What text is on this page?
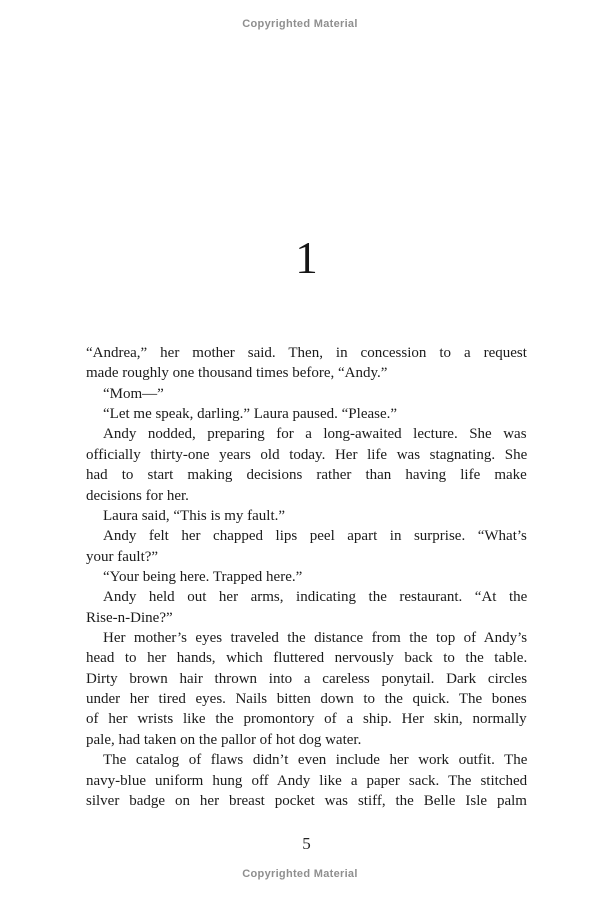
Copyrighted Material
1
“Andrea,” her mother said. Then, in concession to a request
made roughly one thousand times before, “Andy.”
“Mom—”
“Let me speak, darling.” Laura paused. “Please.”
Andy nodded, preparing for a long-awaited lecture. She was
officially thirty-one years old today. Her life was stagnating. She
had to start making decisions rather than having life make
decisions for her.
Laura said, “This is my fault.”
Andy felt her chapped lips peel apart in surprise. “What’s
your fault?”
“Your being here. Trapped here.”
Andy held out her arms, indicating the restaurant. “At the
Rise-n-Dine?”
Her mother’s eyes traveled the distance from the top of Andy’s
head to her hands, which fluttered nervously back to the table.
Dirty brown hair thrown into a careless ponytail. Dark circles
under her tired eyes. Nails bitten down to the quick. The bones
of her wrists like the promontory of a ship. Her skin, normally
pale, had taken on the pallor of hot dog water.
The catalog of flaws didn’t even include her work outfit. The
navy-blue uniform hung off Andy like a paper sack. The stitched
silver badge on her breast pocket was stiff, the Belle Isle palm
5
Copyrighted Material
